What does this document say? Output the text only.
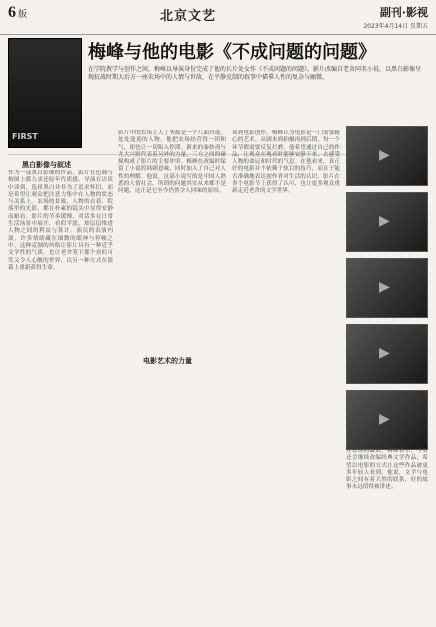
6 版	北京文艺	副刊·影视
2023年4月14日 星期五
FIRST
梅峰与他的电影《不成问题的问题》
在学院教学与创作之间，梅峰以导演身份完成了他的长片处女作《不成问题的问题》。影片改编自老舍同名小说，以黑白影像呈现抗战时期大后方一座农场中的人情与世故，在平静克制的叙事中描摹人性的复杂与幽微。
黑白影像与叙述
作为一部黑白影像的作品，影片在色调与构图上都力求还原年代质感。导演在访谈中谈到，选择黑白并非为了追求怀旧，而是希望让观众把注意力集中在人物的状态与关系上。农场的景致、人物的衣着、院落里的光影，都在朴素的镜头中显得安静而耐看。影片的节奏缓慢，对话多在日常生活场景中展开，看似平淡，却层层推进人物之间的利益与算计。演员的表演内敛，许多情绪藏在细微的眼神与停顿之中。这种克制的风格让影片具有一种近乎文学性的气质，也让老舍笔下那个看似可笑又令人心酸的世界，以另一种方式在银幕上重新获得生命。
影片中的农场主人丁务源是一个八面玲珑、处处逢迎的人物，他把农场经营得一团和气，却也让一切陷入停滞。新来的秦妙斋与尤大兴则代表着另外的力量，三方之间的碰撞构成了影片的主要冲突。梅峰在改编时保留了小说的讽刺意味，同时加入了自己对人性的理解。他说，这部小说写的是中国人熟悉的人情社会，所谓的问题其实从来都不是问题，这正是它至今仍然令人回味的原因。
电影艺术的力量
谈到电影创作，梅峰认为电影是一门需要耐心的艺术。从剧本到拍摄再到后期，每一个环节都需要反复打磨。他希望通过自己的作品，让观众在观看时能够安静下来，去感受人物的命运和时代的气息。在他看来，真正好的电影并不依赖于炫目的技巧，而在于能否准确地表达创作者对生活的认识。影片在多个电影节上获得了认可，也让更多观众重新走近老舍的文学世界。
▶
▶
▶
▶
▶
在访谈的最后，梅峰表示，今后还会继续改编经典文学作品，希望以电影的方式让这些作品被更多年轻人看到。他说，文学与电影之间有着天然的联系，好的故事永远值得被讲述。
